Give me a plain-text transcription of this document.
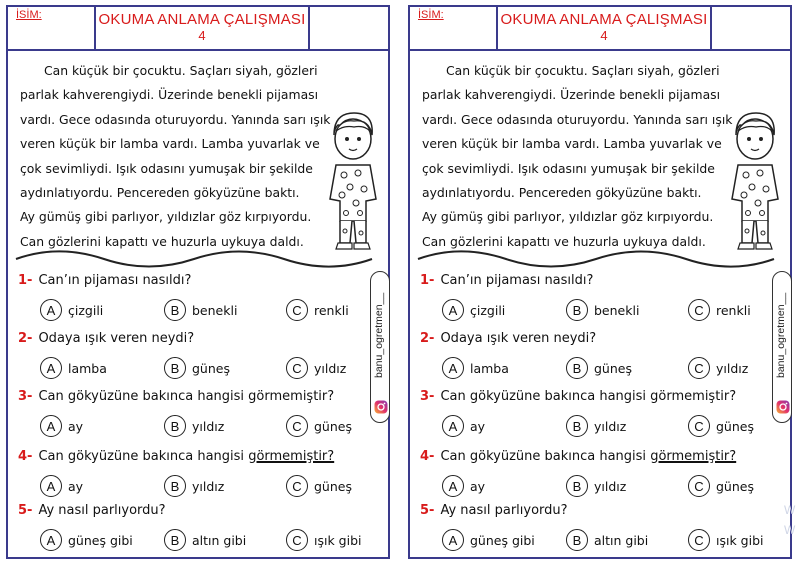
İSİM:	OKUMA ANLAMA ÇALIŞMASI
4
Can küçük bir çocuktu. Saçları siyah, gözleri
parlak kahverengiydi. Üzerinde benekli pijaması
vardı. Gece odasında oturuyordu. Yanında sarı ışık
veren küçük bir lamba vardı. Lamba yuvarlak ve
çok sevimliydi. Işık odasını yumuşak bir şekilde
aydınlatıyordu. Pencereden gökyüzüne baktı.
Ay gümüş gibi parlıyor, yıldızlar göz kırpıyordu.
Can gözlerini kapattı ve huzurla uykuya daldı.
banu_ogretmen__
1- Can’ın pijaması nasıldı?
A	çizgili	B	benekli	C renkli
2- Odaya ışık veren neydi?
A	lamba	B	güneş	C yıldız
3- Can gökyüzüne bakınca hangisi görmemiştir?
A	ay	B	yıldız	C güneş
4- Can gökyüzüne bakınca hangisi görmemiştir?
A	ay	B	yıldız	C güneş
5- Ay nasıl parlıyordu?
A	güneş gibi	B	altın gibi	C ışık gibi
İSİM:	OKUMA ANLAMA ÇALIŞMASI
4
Can küçük bir çocuktu. Saçları siyah, gözleri
parlak kahverengiydi. Üzerinde benekli pijaması
vardı. Gece odasında oturuyordu. Yanında sarı ışık
veren küçük bir lamba vardı. Lamba yuvarlak ve
çok sevimliydi. Işık odasını yumuşak bir şekilde
aydınlatıyordu. Pencereden gökyüzüne baktı.
Ay gümüş gibi parlıyor, yıldızlar göz kırpıyordu.
Can gözlerini kapattı ve huzurla uykuya daldı.
banu_ogretmen__
1- Can’ın pijaması nasıldı?
A	çizgili	B	benekli	C renkli
2- Odaya ışık veren neydi?
A	lamba	B	güneş	C yıldız
3- Can gökyüzüne bakınca hangisi görmemiştir?
A	ay	B	yıldız	C güneş
4- Can gökyüzüne bakınca hangisi görmemiştir?
A	ay	B	yıldız	C güneş
5- Ay nasıl parlıyordu?
A	güneş gibi	B	altın gibi	C ışık gibi
W W
